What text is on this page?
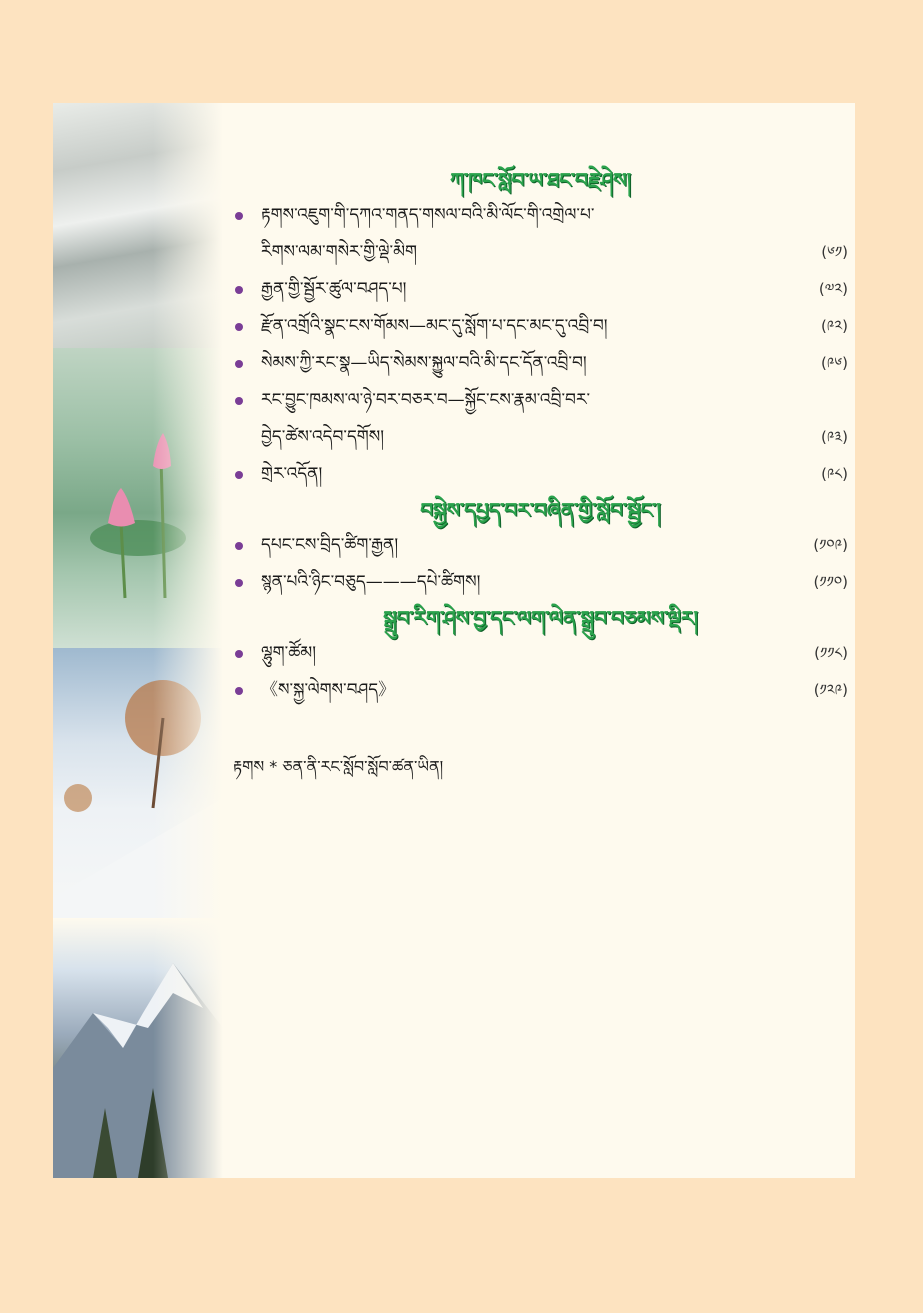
ཀ་ཁང་སློབ་ཡ་ཐང་བརྗེ་ཤེས།
རྟགས་འཇུག་གི་དཀའ་གནད་གསལ་བའི་མི་ལོང་གི་འགྲེལ་པ་
རིགས་ལམ་གསེར་གྱི་ལྡེ་མིག	(༦༡)
རྒྱན་གྱི་སྦྱོར་ཚུལ་བཤད་པ།	(༧༢)
རྫོན་འགྲོའི་སྣང་ངས་གོམས—མང་དུ་སློག་པ་དང་མང་དུ་འབྲི་བ།	(༩༢)
སེམས་ཀྱི་རང་སྣ—ཡིད་སེམས་སྐྱུལ་བའི་མི་དང་དོན་འབྲི་བ།	(༩༦)
རང་བྱུང་ཁམས་ལ་ཉེ་བར་བཅར་བ—སྐྱོང་ངས་རྣམ་འབྲི་བར་
བྱེད་ཚེས་འདེབ་དགོས།	(༩༣)
གྲེར་འདོན།	(༩༨)
བསྐྱེས་དཔྱད་བར་བཞིན་གྱི་སློབ་སྦྱོང་།
དཔང་ངས་བྲིད་ཚིག་རྒྱན།	(༡༠༩)
སྙན་པའི་ཉིང་བཅུད———དཔེ་ཚིགས།	(༡༡༠)
སྒྲུབ་རིག་ཤེས་བྱ་དང་ལག་ལེན་སྒྲུབ་བཅམས་ལྡིར།
ལྷུག་ཚོམ།	(༡༡༨)
《ས་སྐྱ་ལེགས་བཤད》	(༡༢༩)
རྟགས * ཅན་ནི་རང་སློབ་སློབ་ཚན་ཡིན།
